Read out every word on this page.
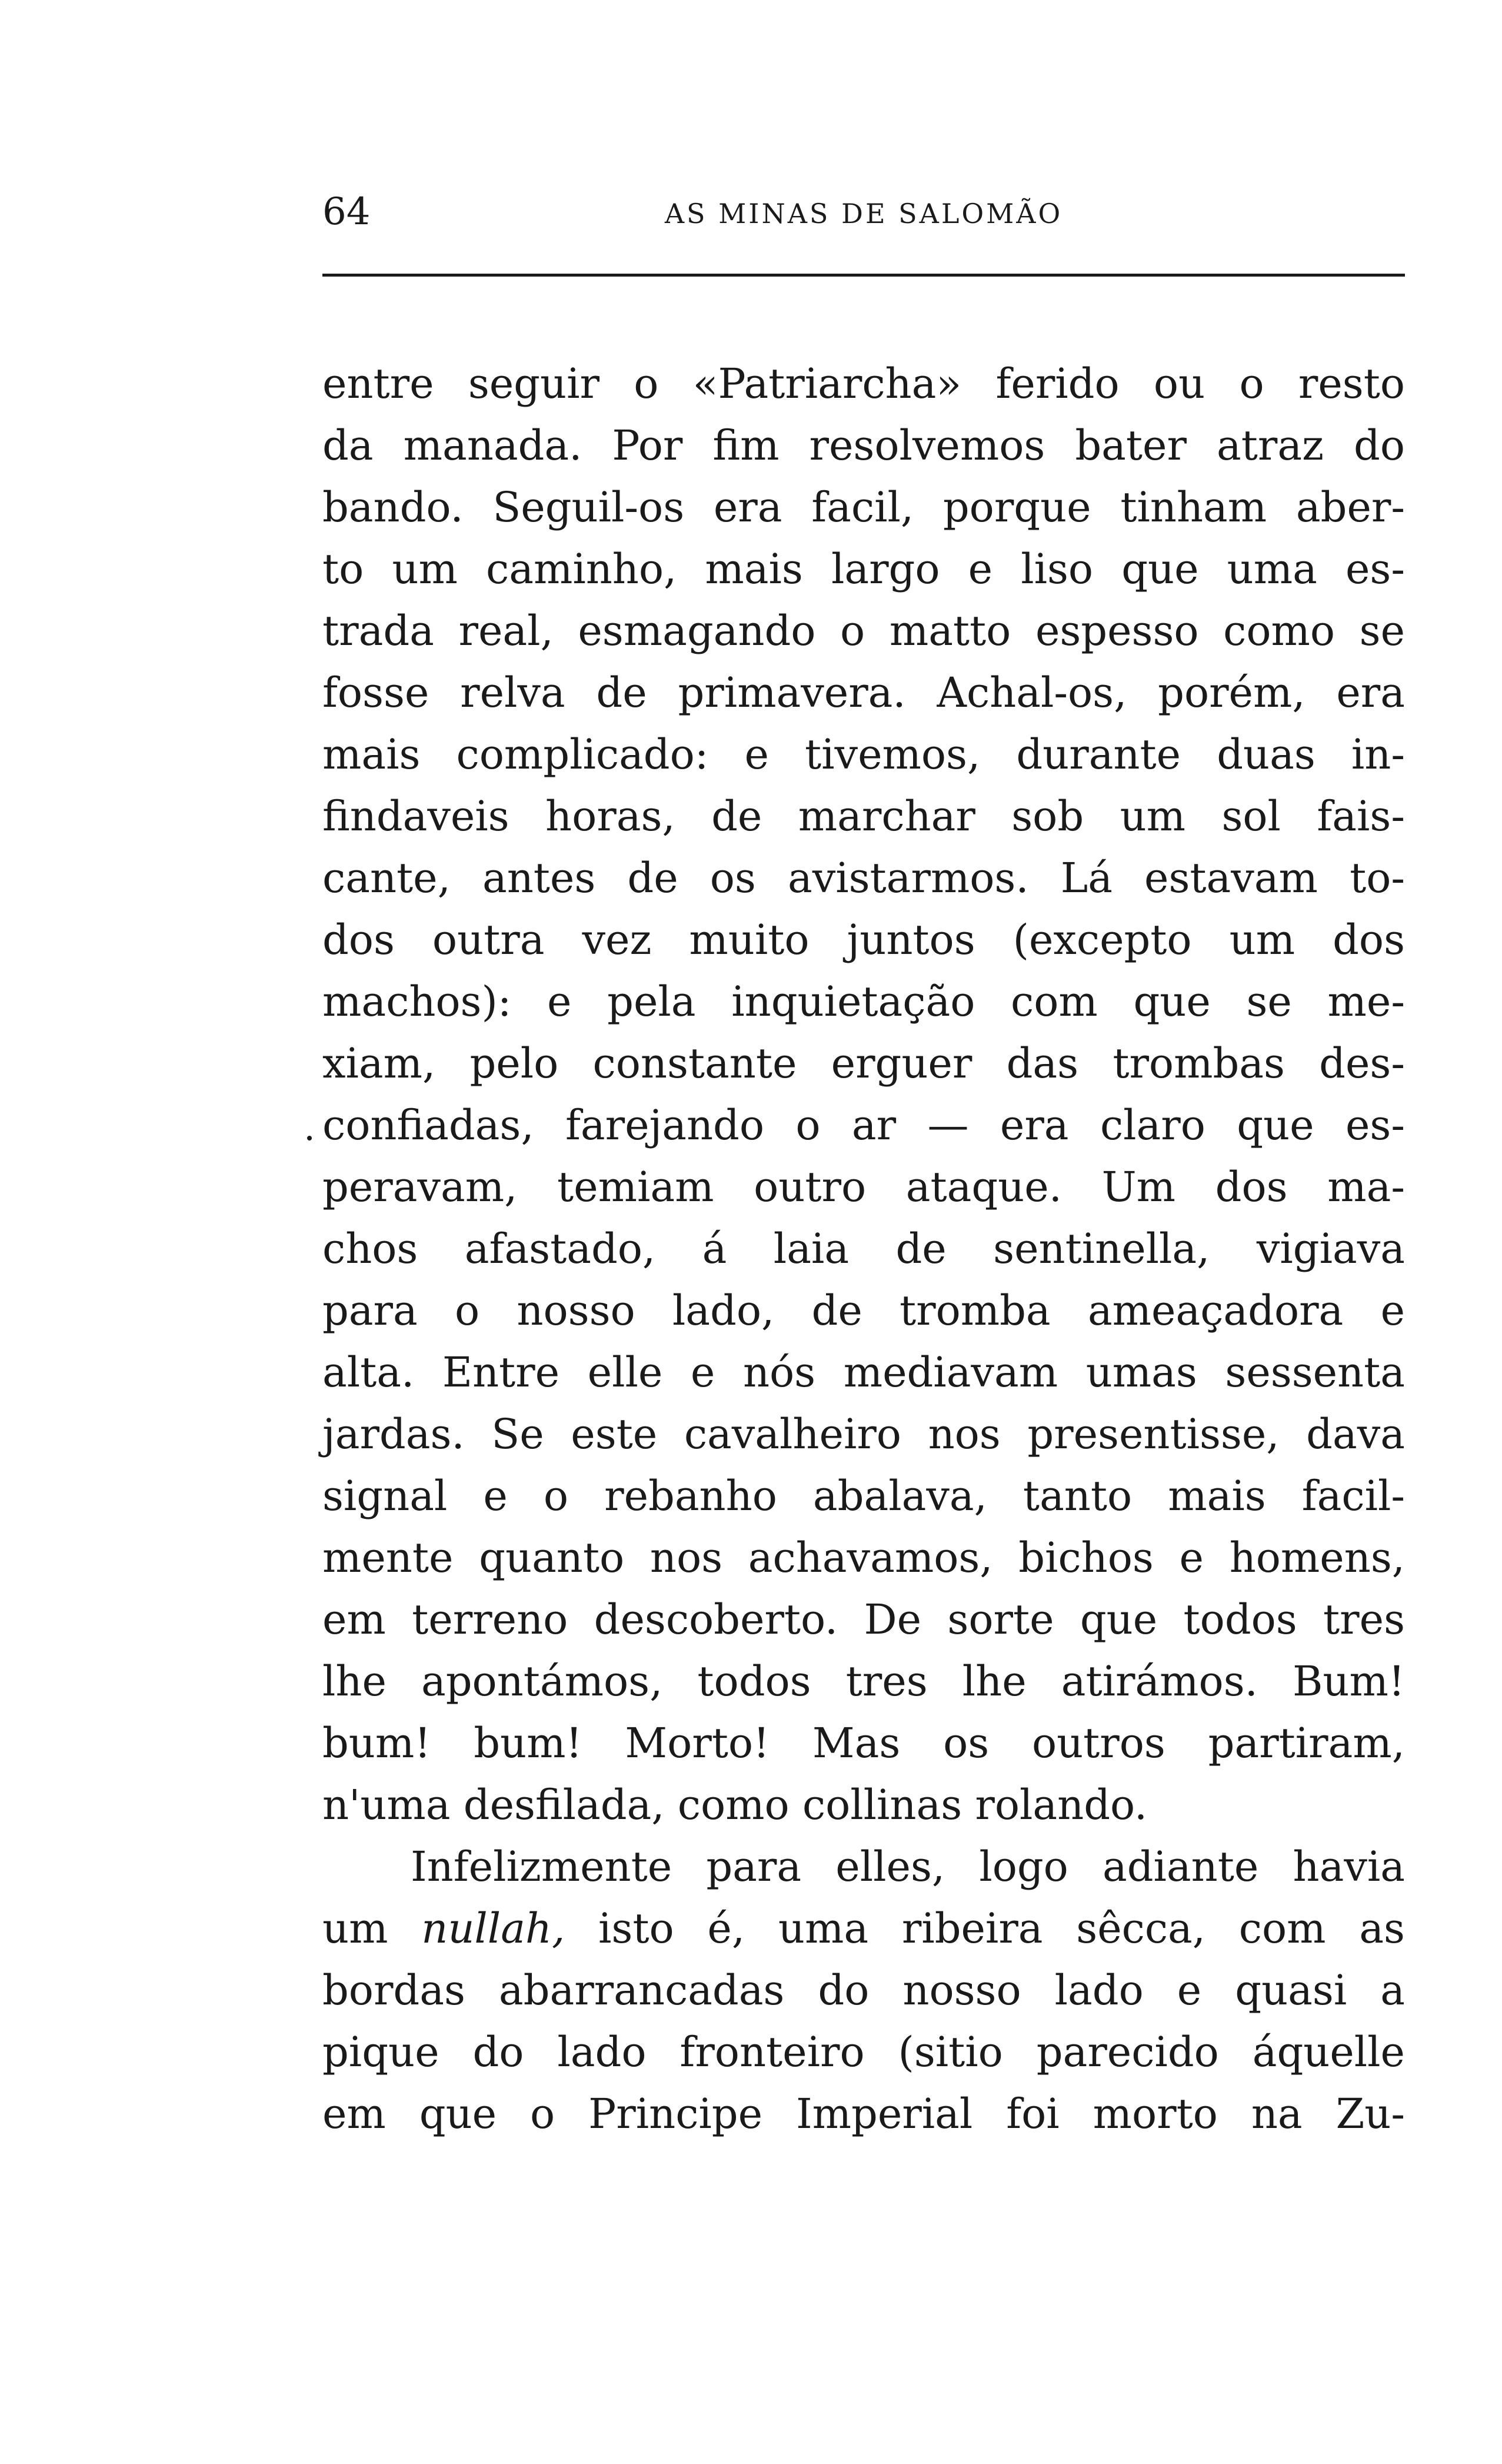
64	AS MINAS DE SALOMÃO
entre seguir o «Patriarcha» ferido ou o resto
da manada. Por fim resolvemos bater atraz do
bando. Seguil-os era facil, porque tinham aber-
to um caminho, mais largo e liso que uma es-
trada real, esmagando o matto espesso como se
fosse relva de primavera. Achal-os, porém, era
mais complicado: e tivemos, durante duas in-
findaveis horas, de marchar sob um sol fais-
cante, antes de os avistarmos. Lá estavam to-
dos outra vez muito juntos (excepto um dos
machos): e pela inquietação com que se me-
xiam, pelo constante erguer das trombas des-
confiadas, farejando o ar — era claro que es-
peravam, temiam outro ataque. Um dos ma-
chos afastado, á laia de sentinella, vigiava
para o nosso lado, de tromba ameaçadora e
alta. Entre elle e nós mediavam umas sessenta
jardas. Se este cavalheiro nos presentisse, dava
signal e o rebanho abalava, tanto mais facil-
mente quanto nos achavamos, bichos e homens,
em terreno descoberto. De sorte que todos tres
lhe apontámos, todos tres lhe atirámos. Bum!
bum! bum! Morto! Mas os outros partiram,
n'uma desfilada, como collinas rolando.
Infelizmente para elles, logo adiante havia
um nullah, isto é, uma ribeira sêcca, com as
bordas abarrancadas do nosso lado e quasi a
pique do lado fronteiro (sitio parecido áquelle
em que o Principe Imperial foi morto na Zu-
